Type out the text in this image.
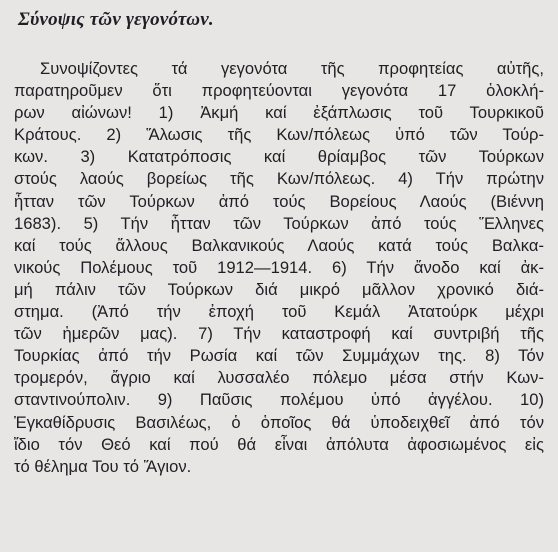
Σύνοψις τῶν γεγονότων.
Συνοψίζοντες τά γεγονότα τῆς προφητείας αὐτῆς,
παρατηροῦμεν ὅτι προφητεύονται γεγονότα 17 ὁλοκλή-
ρων αἰώνων! 1) Ἀκμή καί ἐξάπλωσις τοῦ Τουρκικοῦ
Κράτους. 2) Ἅλωσις τῆς Κων/πόλεως ὑπό τῶν Τούρ-
κων. 3) Κατατρόποσις καί θρίαμβος τῶν Τούρκων
στούς λαούς βορείως τῆς Κων/πόλεως. 4) Τήν πρώτην
ἧτταν τῶν Τούρκων ἀπό τούς Βορείους Λαούς (Βιέννη
1683). 5) Τήν ἧτταν τῶν Τούρκων ἀπό τούς Ἕλληνες
καί τούς ἄλλους Βαλκανικούς Λαούς κατά τούς Βαλκα-
νικούς Πολέμους τοῦ 1912—1914. 6) Τήν ἄνοδο καί ἀκ-
μή πάλιν τῶν Τούρκων διά μικρό μᾶλλον χρονικό διά-
στημα. (Ἀπό τήν ἐποχή τοῦ Κεμάλ Ἀτατούρκ μέχρι
τῶν ἡμερῶν μας). 7) Τήν καταστροφή καί συντριβή τῆς
Τουρκίας ἀπό τήν Ρωσία καί τῶν Συμμάχων της. 8) Τόν
τρομερόν, ἄγριο καί λυσσαλέο πόλεμο μέσα στήν Κων-
σταντινούπολιν. 9) Παῦσις πολέμου ὑπό ἀγγέλου. 10)
Ἐγκαθίδρυσις Βασιλέως, ὁ ὁποῖος θά ὑποδειχθεῖ ἀπό τόν
ἴδιο τόν Θεό καί πού θά εἶναι ἀπόλυτα ἀφοσιωμένος εἰς
τό θέλημα Του τό Ἅγιον.
